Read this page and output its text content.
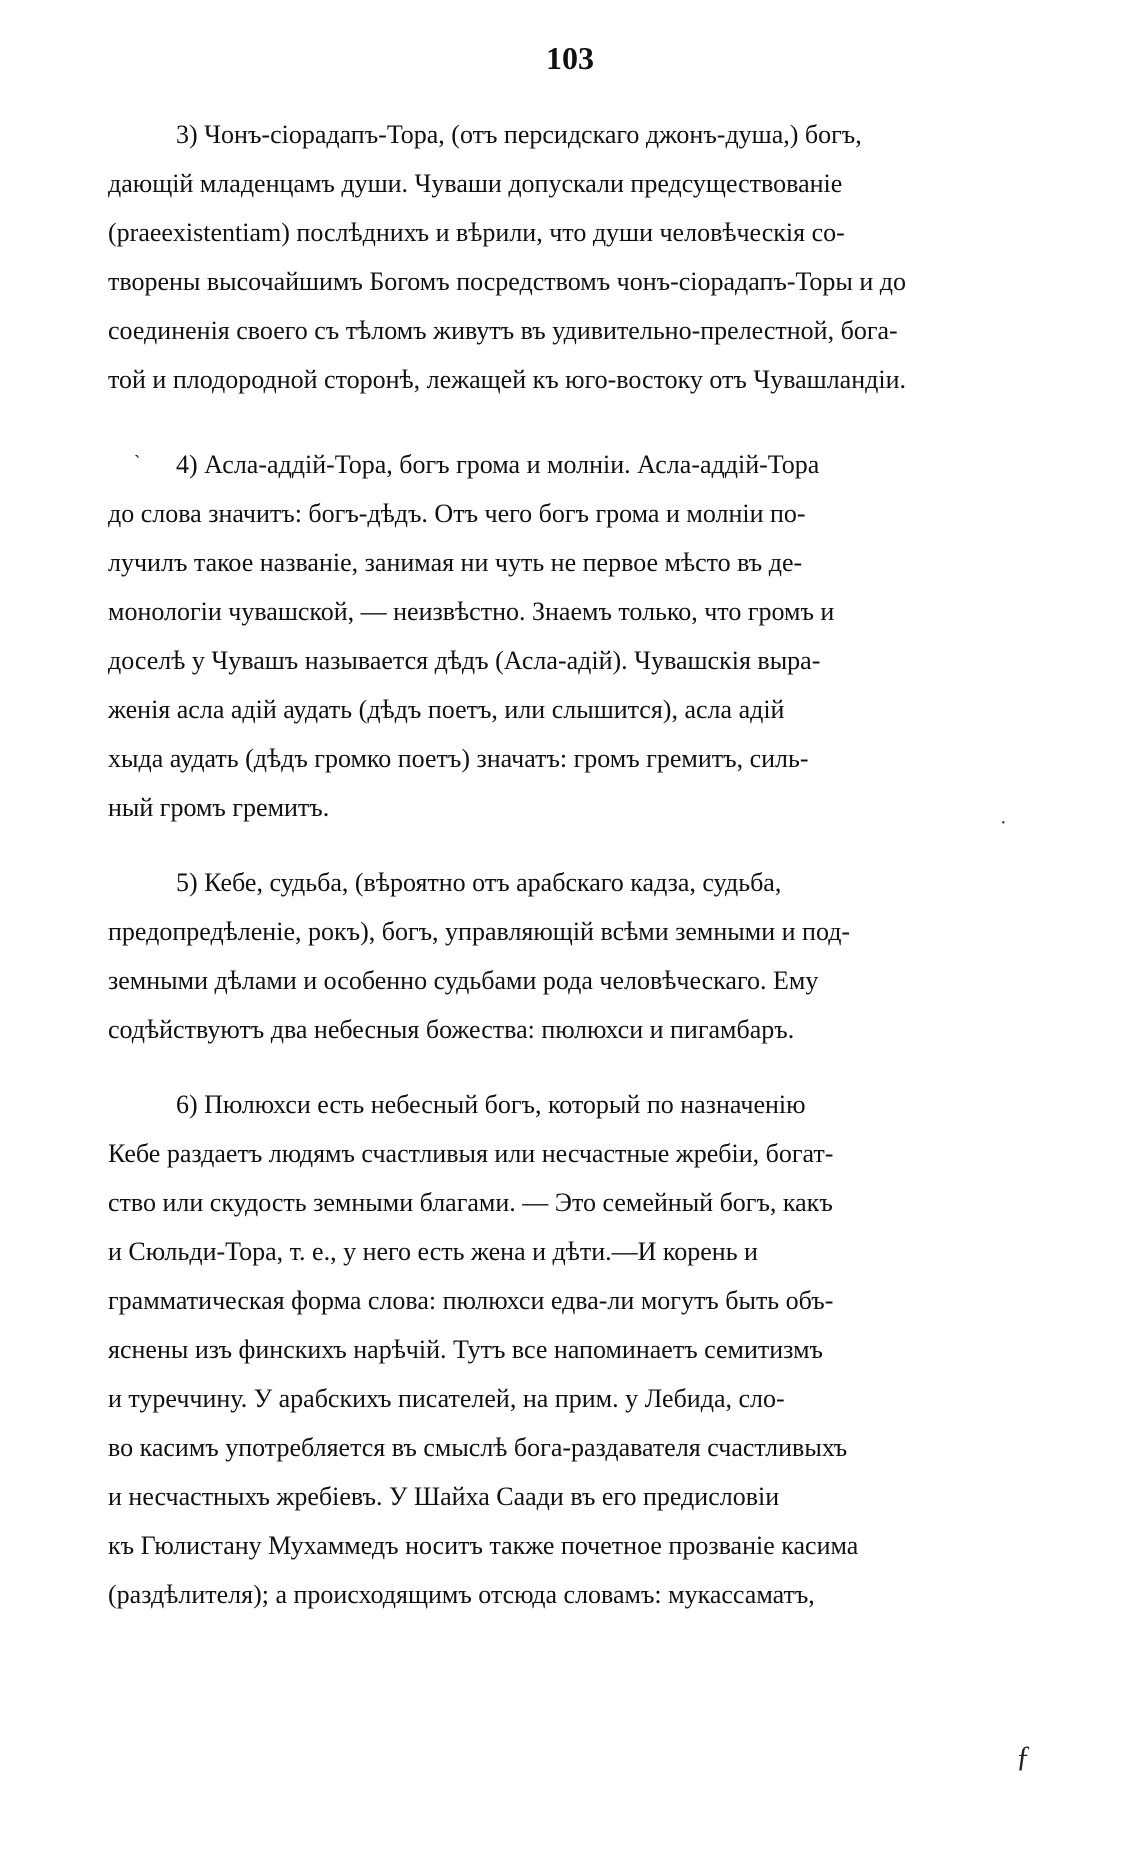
103
3) Чонъ-сiорадапъ-Тора, (отъ персидскаго джонъ-душа,) богъ,
дающiй младенцамъ души. Чуваши допускали предсуществованiе
(praeexistentiam) послѣднихъ и вѣрили, что души человѣческiя со-
творены высочайшимъ Богомъ посредствомъ чонъ-сiорадапъ-Торы и до
соединенiя своего съ тѣломъ живутъ въ удивительно-прелестной, бога-
той и плодородной сторонѣ, лежащей къ юго-востоку отъ Чувашландiи.
4) Асла-аддiй-Тора, богъ грома и молнiи. Асла-аддiй-Тора
до слова значитъ: богъ-дѣдъ. Отъ чего богъ грома и молнiи по-
лучилъ такое названiе, занимая ни чуть не первое мѣсто въ де-
монологiи чувашской, — неизвѣстно. Знаемъ только, что громъ и
доселѣ у Чувашъ называется дѣдъ (Асла-адiй). Чувашскiя выра-
женiя асла адiй аудать (дѣдъ поетъ, или слышится), асла адiй
хыда аудать (дѣдъ громко поетъ) значатъ: громъ гремитъ, силь-
ный громъ гремитъ.
5) Кебе, судьба, (вѣроятно отъ арабскаго кадза, судьба,
предопредѣленiе, рокъ), богъ, управляющiй всѣми земными и под-
земными дѣлами и особенно судьбами рода человѣческаго. Ему
содѣйствуютъ два небесныя божества: пюлюхси и пигамбаръ.
6) Пюлюхси есть небесный богъ, который по назначенiю
Кебе раздаетъ людямъ счастливыя или несчастные жребiи, богат-
ство или скудость земными благами. — Это семейный богъ, какъ
и Сюльди-Тора, т. е., у него есть жена и дѣти.—И корень и
грамматическая форма слова: пюлюхси едва-ли могутъ быть объ-
яснены изъ финскихъ нарѣчiй. Тутъ все напоминаетъ семитизмъ
и туреччину. У арабскихъ писателей, на прим. у Лебида, сло-
во касимъ употребляется въ смыслѣ бога-раздавателя счастливыхъ
и несчастныхъ жребiевъ. У Шайха Саади въ его предисловiи
къ Гюлистану Мухаммедъ носитъ также почетное прозванiе касима
(раздѣлителя); а происходящимъ отсюда словамъ: мукассаматъ,
`
·
ƒ
